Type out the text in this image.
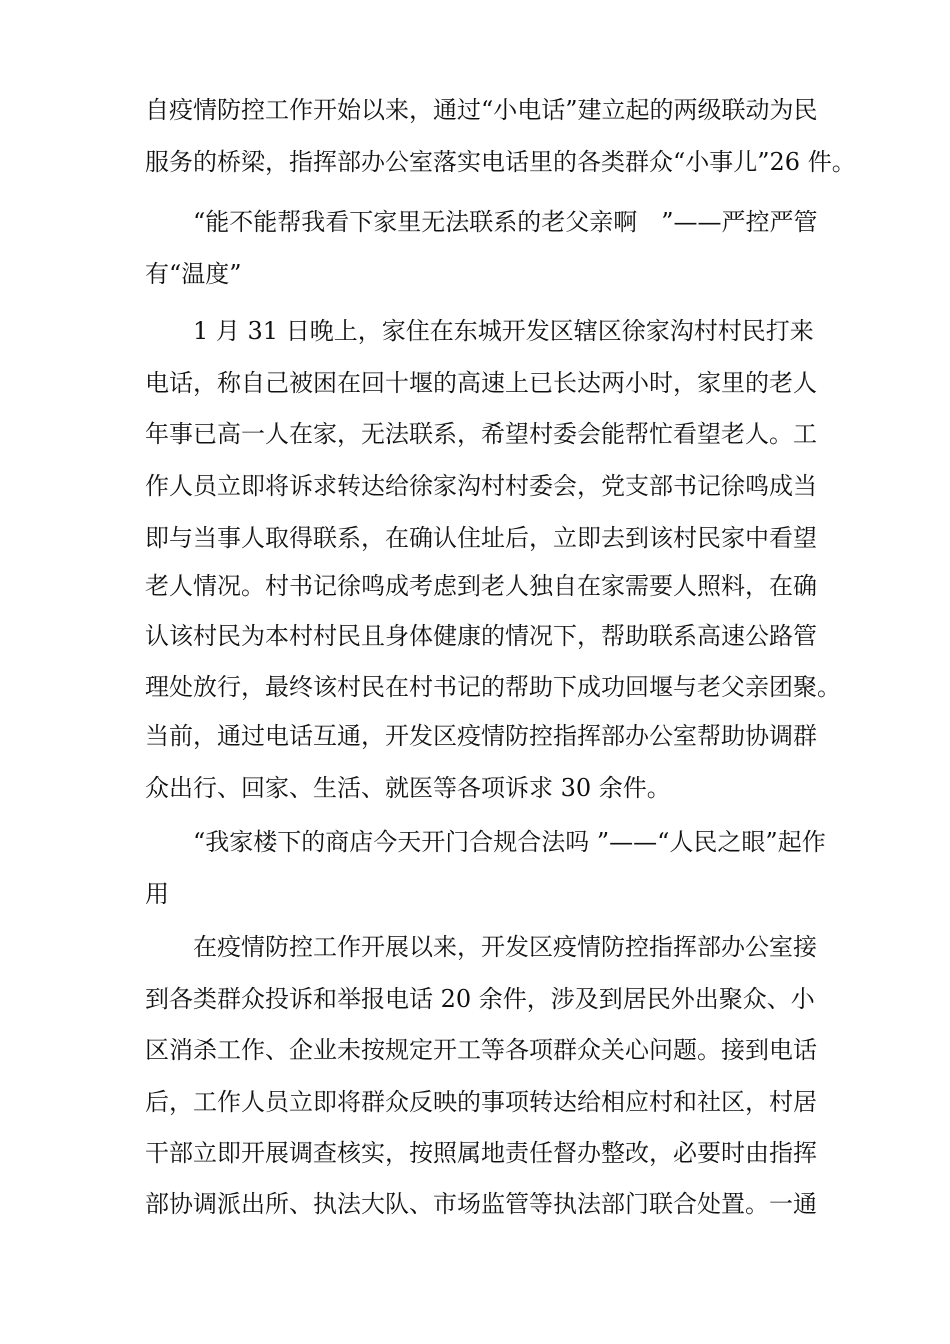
自疫情防控工作开始以来，通过“小电话”建立起的两级联动为民
服务的桥梁，指挥部办公室落实电话里的各类群众“小事儿”26 件。
“能不能帮我看下家里无法联系的老父亲啊　”——严控严管
有“温度”
1 月 31 日晚上，家住在东城开发区辖区徐家沟村村民打来
电话，称自己被困在回十堰的高速上已长达两小时，家里的老人
年事已高一人在家，无法联系，希望村委会能帮忙看望老人。工
作人员立即将诉求转达给徐家沟村村委会，党支部书记徐鸣成当
即与当事人取得联系，在确认住址后，立即去到该村民家中看望
老人情况。村书记徐鸣成考虑到老人独自在家需要人照料，在确
认该村民为本村村民且身体健康的情况下，帮助联系高速公路管
理处放行，最终该村民在村书记的帮助下成功回堰与老父亲团聚。
当前，通过电话互通，开发区疫情防控指挥部办公室帮助协调群
众出行、回家、生活、就医等各项诉求 30 余件。
“我家楼下的商店今天开门合规合法吗 ”——“人民之眼”起作
用
在疫情防控工作开展以来，开发区疫情防控指挥部办公室接
到各类群众投诉和举报电话 20 余件，涉及到居民外出聚众、小
区消杀工作、企业未按规定开工等各项群众关心问题。接到电话
后，工作人员立即将群众反映的事项转达给相应村和社区，村居
干部立即开展调查核实，按照属地责任督办整改，必要时由指挥
部协调派出所、执法大队、市场监管等执法部门联合处置。一通
